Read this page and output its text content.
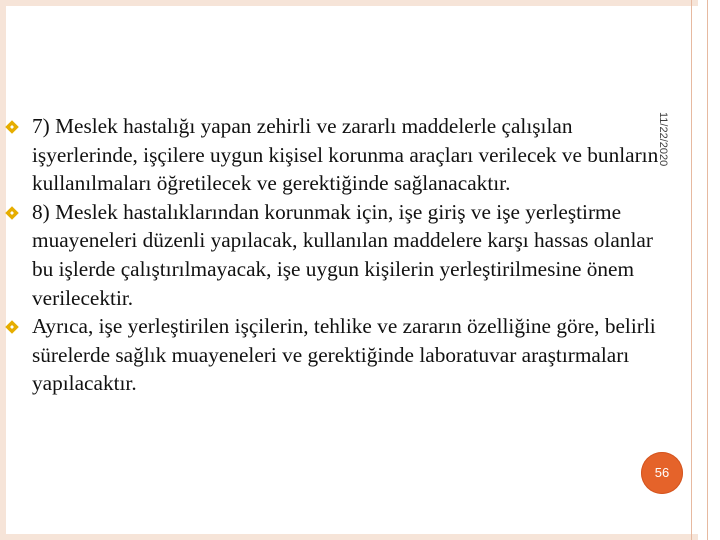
11/22/2020

7) Meslek hastalığı yapan zehirli ve zararlı maddelerle çalışılan işyerlerinde, işçilere uygun kişisel korunma araçları verilecek ve bunların kullanılmaları öğretilecek ve gerektiğinde sağlanacaktır.

8) Meslek hastalıklarından korunmak için, işe giriş ve işe yerleştirme muayeneleri düzenli yapılacak, kullanılan maddelere karşı hassas olanlar bu işlerde çalıştırılmayacak, işe uygun kişilerin yerleştirilmesine önem verilecektir.

Ayrıca, işe yerleştirilen işçilerin, tehlike ve zararın özelliğine göre, belirli sürelerde sağlık muayeneleri ve gerektiğinde laboratuvar araştırmaları yapılacaktır.

56
